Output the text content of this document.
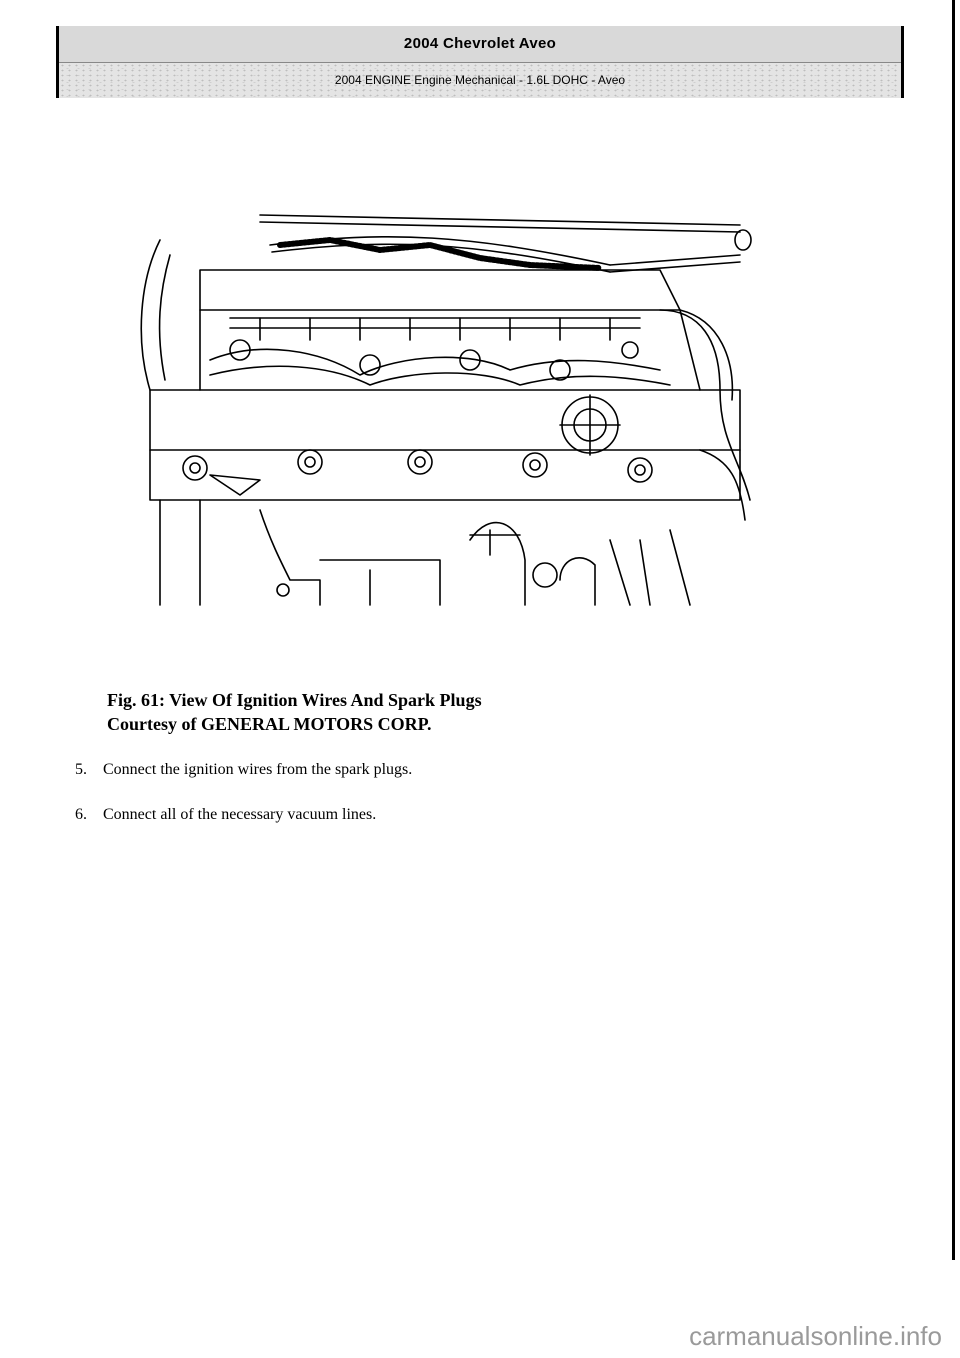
2004 Chevrolet Aveo
2004 ENGINE Engine Mechanical - 1.6L DOHC - Aveo
Fig. 61: View Of Ignition Wires And Spark Plugs
Courtesy of GENERAL MOTORS CORP.
5.	Connect the ignition wires from the spark plugs.
6.	Connect all of the necessary vacuum lines.
carmanualsonline.info
